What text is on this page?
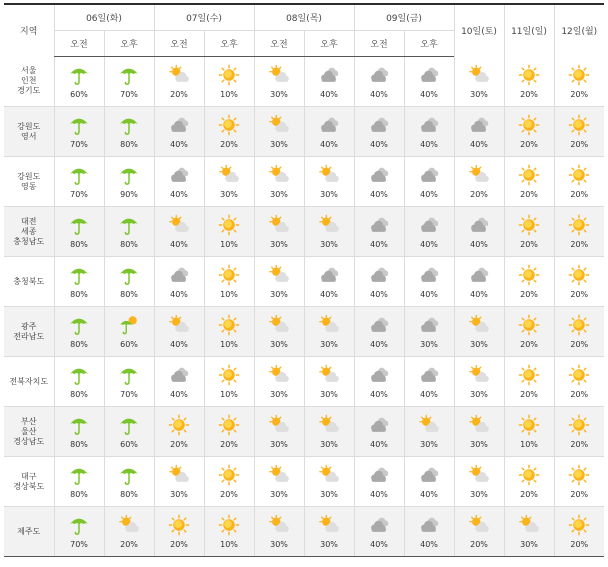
지역	06일(화)		07일(수)		08일(목)		09일(금)		10일(토)	11일(일)	12일(월)
	오전	오후	오전	오후	오전	오후	오전	오후			

서울
인천
경기도	60%	70%	20%	10%	30%	40%	40%	40%	30%	20%	20%

강원도
영서	70%	80%	40%	20%	30%	40%	40%	40%	40%	20%	20%

강원도
영동	70%	90%	40%	30%	30%	30%	40%	40%	20%	20%	20%

대전
세종
충청남도	80%	80%	40%	10%	30%	30%	40%	40%	40%	20%	20%

충청북도	80%	80%	40%	10%	30%	40%	40%	40%	40%	20%	20%

광주
전라남도	80%	60%	40%	10%	30%	30%	40%	30%	30%	20%	20%

전북자치도	80%	70%	40%	10%	30%	30%	40%	40%	30%	20%	20%

부산
울산
경상남도	80%	60%	20%	20%	30%	30%	40%	30%	30%	10%	20%

대구
경상북도	80%	80%	30%	20%	30%	30%	40%	40%	30%	20%	20%

제주도	70%	20%	20%	10%	30%	30%	40%	40%	20%	30%	20%
